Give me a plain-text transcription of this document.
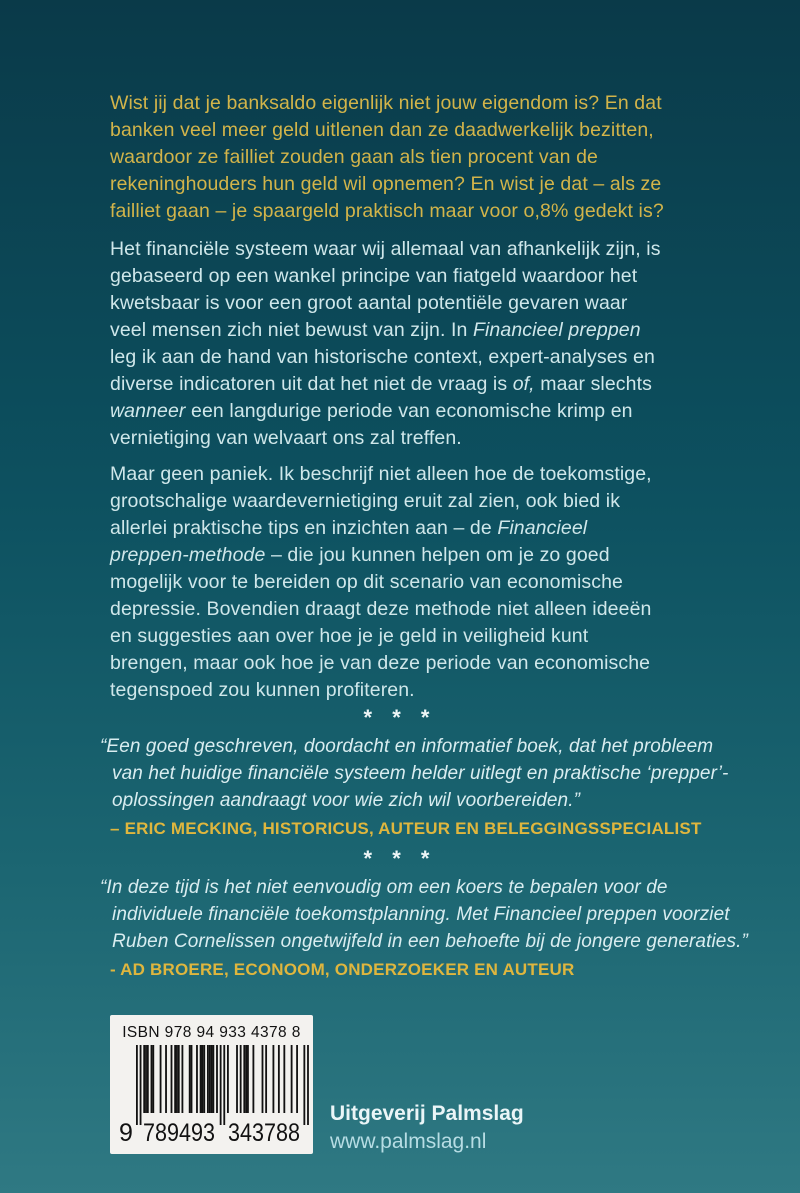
Wist jij dat je banksaldo eigenlijk niet jouw eigendom is? En dat
banken veel meer geld uitlenen dan ze daadwerkelijk bezitten,
waardoor ze failliet zouden gaan als tien procent van de
rekeninghouders hun geld wil opnemen? En wist je dat – als ze
failliet gaan – je spaargeld praktisch maar voor o,8% gedekt is?
Het financiële systeem waar wij allemaal van afhankelijk zijn, is
gebaseerd op een wankel principe van fiatgeld waardoor het
kwetsbaar is voor een groot aantal potentiële gevaren waar
veel mensen zich niet bewust van zijn. In Financieel preppen
leg ik aan de hand van historische context, expert-analyses en
diverse indicatoren uit dat het niet de vraag is of, maar slechts
wanneer een langdurige periode van economische krimp en
vernietiging van welvaart ons zal treffen.
Maar geen paniek. Ik beschrijf niet alleen hoe de toekomstige,
grootschalige waardevernietiging eruit zal zien, ook bied ik
allerlei praktische tips en inzichten aan – de Financieel
preppen-methode – die jou kunnen helpen om je zo goed
mogelijk voor te bereiden op dit scenario van economische
depressie. Bovendien draagt deze methode niet alleen ideeën
en suggesties aan over hoe je je geld in veiligheid kunt
brengen, maar ook hoe je van deze periode van economische
tegenspoed zou kunnen profiteren.
* * *
“Een goed geschreven, doordacht en informatief boek, dat het probleem
van het huidige financiële systeem helder uitlegt en praktische ‘prepper’-
oplossingen aandraagt voor wie zich wil voorbereiden.”
– ERIC MECKING, HISTORICUS, AUTEUR EN BELEGGINGSSPECIALIST
* * *
“In deze tijd is het niet eenvoudig om een koers te bepalen voor de
individuele financiële toekomstplanning. Met Financieel preppen voorziet
Ruben Cornelissen ongetwijfeld in een behoefte bij de jongere generaties.”
- AD BROERE, ECONOOM, ONDERZOEKER EN AUTEUR
ISBN 978 94 933 4378 8
9 789493 343788
Uitgeverij Palmslag
www.palmslag.nl
